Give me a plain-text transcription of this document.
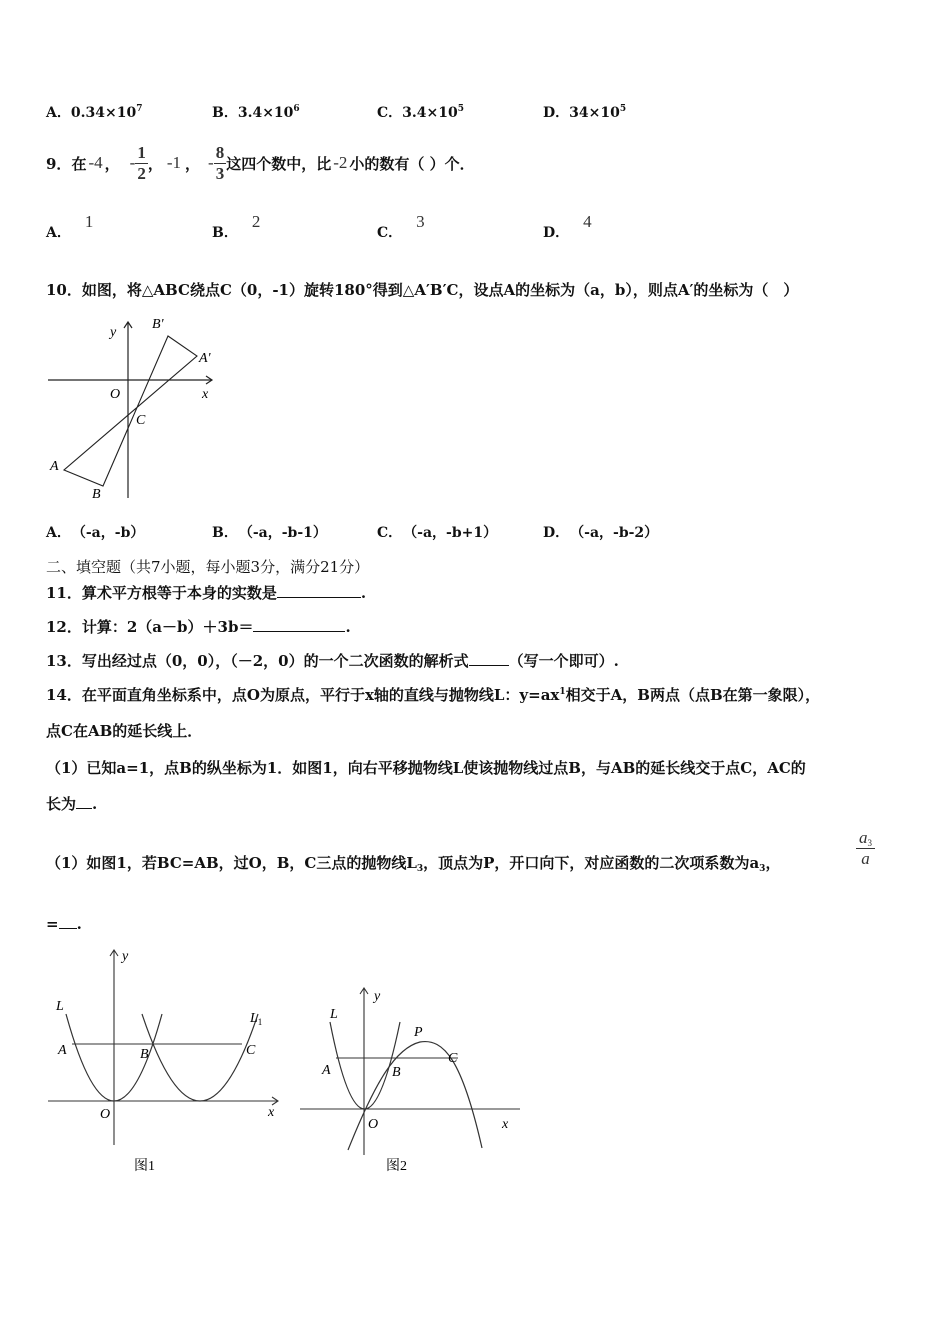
A．$0.34\times 10^7$	B．$3.4\times 10^6$	C．$3.4\times 10^5$	D．$34\times 10^5$
9． 在 -4 ， - $\frac{1}{2}$ ， -1 ， - $\frac{8}{3}$ 这四个数中，比 -2 小的数有（ ）个．
A．1
B．2
C．3
D．4
10．如图，将△ABC绕点C（0，-1）旋转180°得到△A′B′C，设点A的坐标为（a，b），则点A′的坐标为（　）
y
x
O
C
A
B
A'
B'
A． （-a，-b）	B． （-a，-b-1）	C． （-a，-b+1）	D． （-a，-b-2）
二、填空题（共7小题，每小题3分，满分21分）
11．算术平方根等于本身的实数是	.
12．计算：2（a－b）＋3b＝	.
13．写出经过点（0，0），（－2，0）的一个二次函数的解析式	（写一个即可）.
14．在平面直角坐标系中，点O为原点，平行于x轴的直线与抛物线L：$y=ax^1$相交于A，B两点（点B在第一象限），
点C在AB的延长线上．
（1）已知a=1，点B的纵坐标为1．如图1，向右平移抛物线L使该抛物线过点B，与AB的延长线交于点C，AC的
长为 .
（1）如图1，若BC=AB，过O，B，C三点的抛物线$L_3$，顶点为P，开口向下，对应函数的二次项系数为$a_3$，	$\frac{a_3}{a}$
= .
y
x
O
L
$L_1$
A	B	C
图1
y
x
O
L
A	B
C
P
图2
